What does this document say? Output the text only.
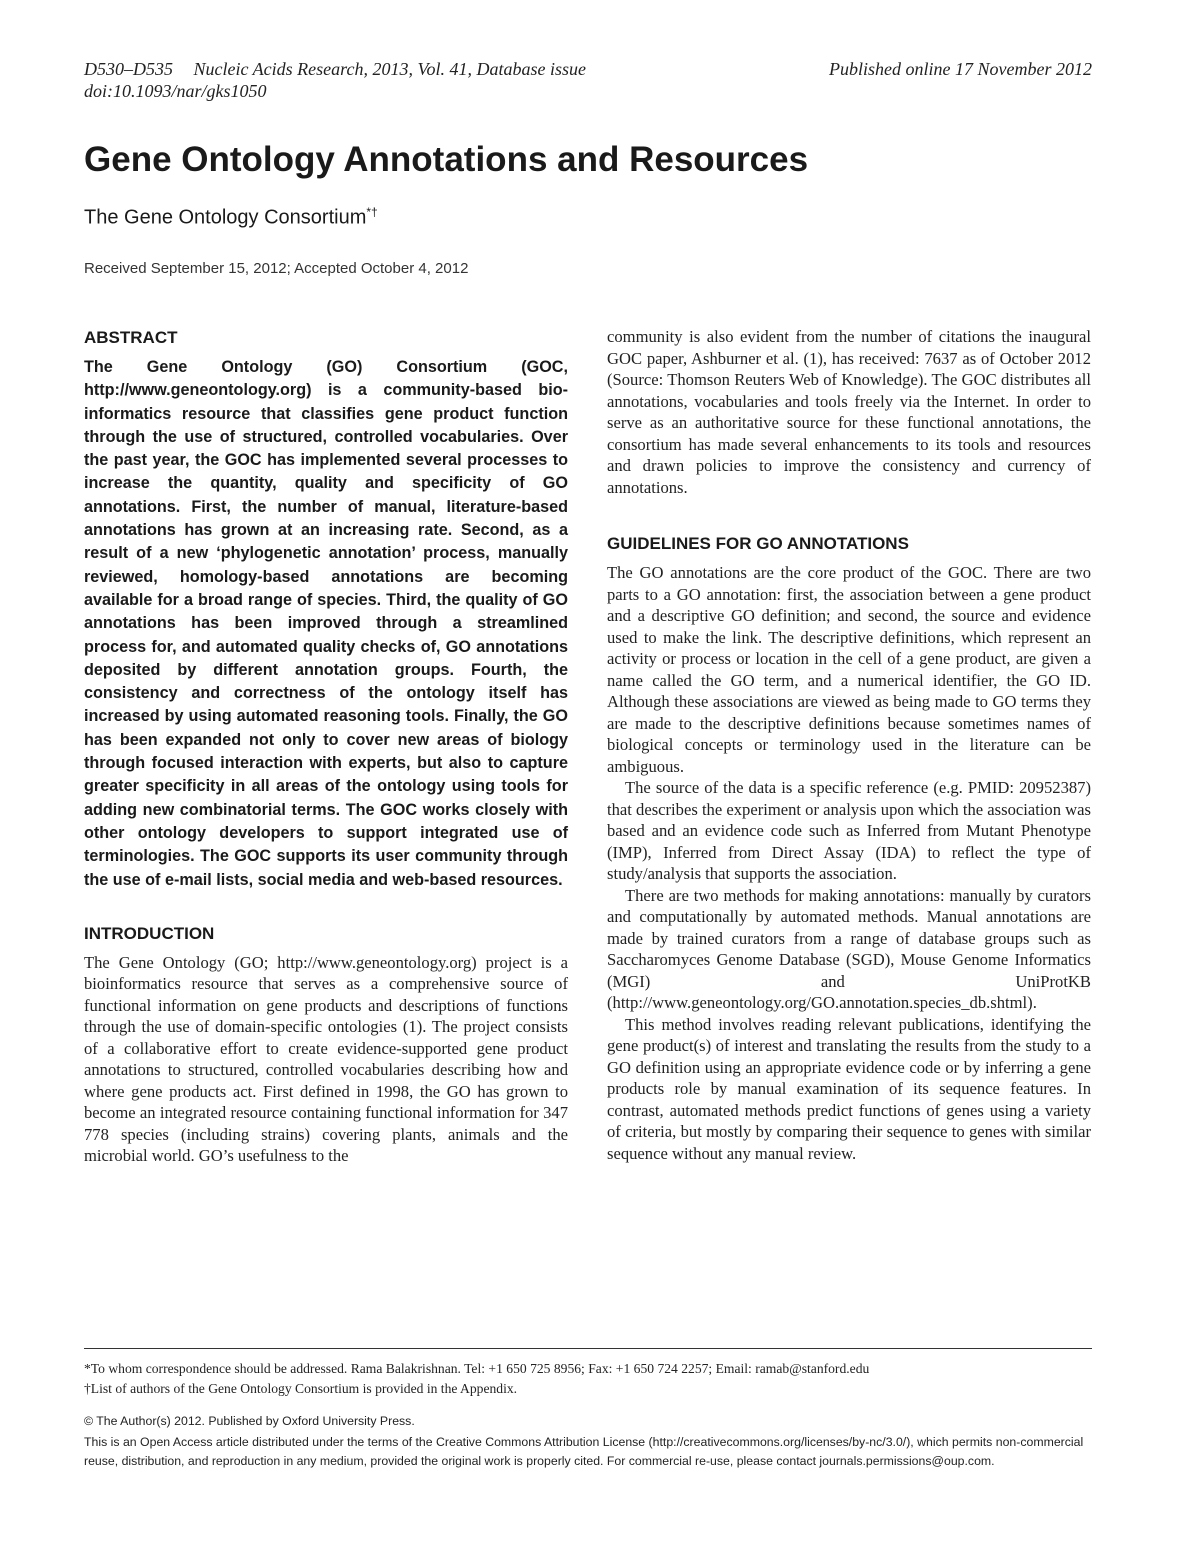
D530–D535 Nucleic Acids Research, 2013, Vol. 41, Database issue	Published online 17 November 2012
doi:10.1093/nar/gks1050
Gene Ontology Annotations and Resources
The Gene Ontology Consortium*†
Received September 15, 2012; Accepted October 4, 2012
ABSTRACT

The Gene Ontology (GO) Consortium (GOC, http://www.geneontology.org) is a community-based bio-informatics resource that classifies gene product function through the use of structured, controlled vocabularies. Over the past year, the GOC has implemented several processes to increase the quantity, quality and specificity of GO annotations. First, the number of manual, literature-based annotations has grown at an increasing rate. Second, as a result of a new ‘phylogenetic annotation’ process, manually reviewed, homology-based annotations are becoming available for a broad range of species. Third, the quality of GO annotations has been improved through a streamlined process for, and automated quality checks of, GO annotations deposited by different annotation groups. Fourth, the consistency and correctness of the ontology itself has increased by using automated reasoning tools. Finally, the GO has been expanded not only to cover new areas of biology through focused interaction with experts, but also to capture greater specificity in all areas of the ontology using tools for adding new combinatorial terms. The GOC works closely with other ontology developers to support integrated use of terminologies. The GOC supports its user community through the use of e-mail lists, social media and web-based resources.

INTRODUCTION

The Gene Ontology (GO; http://www.geneontology.org) project is a bioinformatics resource that serves as a comprehensive source of functional information on gene products and descriptions of functions through the use of domain-specific ontologies (1). The project consists of a collaborative effort to create evidence-supported gene product annotations to structured, controlled vocabularies describing how and where gene products act. First defined in 1998, the GO has grown to become an integrated resource containing functional information for 347 778 species (including strains) covering plants, animals and the microbial world. GO’s usefulness to the

community is also evident from the number of citations the inaugural GOC paper, Ashburner et al. (1), has received: 7637 as of October 2012 (Source: Thomson Reuters Web of Knowledge). The GOC distributes all annotations, vocabularies and tools freely via the Internet. In order to serve as an authoritative source for these functional annotations, the consortium has made several enhancements to its tools and resources and drawn policies to improve the consistency and currency of annotations.

GUIDELINES FOR GO ANNOTATIONS

The GO annotations are the core product of the GOC. There are two parts to a GO annotation: first, the association between a gene product and a descriptive GO definition; and second, the source and evidence used to make the link. The descriptive definitions, which represent an activity or process or location in the cell of a gene product, are given a name called the GO term, and a numerical identifier, the GO ID. Although these associations are viewed as being made to GO terms they are made to the descriptive definitions because sometimes names of biological concepts or terminology used in the literature can be ambiguous.

The source of the data is a specific reference (e.g. PMID: 20952387) that describes the experiment or analysis upon which the association was based and an evidence code such as Inferred from Mutant Phenotype (IMP), Inferred from Direct Assay (IDA) to reflect the type of study/analysis that supports the association.

There are two methods for making annotations: manually by curators and computationally by automated methods. Manual annotations are made by trained curators from a range of database groups such as Saccharomyces Genome Database (SGD), Mouse Genome Informatics (MGI) and UniProtKB (http://www.geneontology.org/GO.annotation.species_db.shtml).

This method involves reading relevant publications, identifying the gene product(s) of interest and translating the results from the study to a GO definition using an appropriate evidence code or by inferring a gene products role by manual examination of its sequence features. In contrast, automated methods predict functions of genes using a variety of criteria, but mostly by comparing their sequence to genes with similar sequence without any manual review.

*To whom correspondence should be addressed. Rama Balakrishnan. Tel: +1 650 725 8956; Fax: +1 650 724 2257; Email: ramab@stanford.edu
†List of authors of the Gene Ontology Consortium is provided in the Appendix.
© The Author(s) 2012. Published by Oxford University Press.
This is an Open Access article distributed under the terms of the Creative Commons Attribution License (http://creativecommons.org/licenses/by-nc/3.0/), which permits non-commercial reuse, distribution, and reproduction in any medium, provided the original work is properly cited. For commercial re-use, please contact journals.permissions@oup.com.
